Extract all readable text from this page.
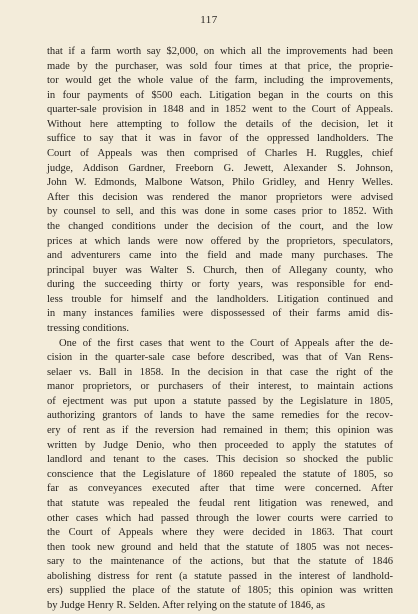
117
that if a farm worth say $2,000, on which all the improvements had been
made by the purchaser, was sold four times at that price, the proprie-
tor would get the whole value of the farm, including the improvements,
in four payments of $500 each. Litigation began in the courts on this
quarter-sale provision in 1848 and in 1852 went to the Court of Appeals.
Without here attempting to follow the details of the decision, let it
suffice to say that it was in favor of the oppressed landholders. The
Court of Appeals was then comprised of Charles H. Ruggles, chief
judge, Addison Gardner, Freeborn G. Jewett, Alexander S. Johnson,
John W. Edmonds, Malbone Watson, Philo Gridley, and Henry Welles.
After this decision was rendered the manor proprietors were advised
by counsel to sell, and this was done in some cases prior to 1852. With
the changed conditions under the decision of the court, and the low
prices at which lands were now offered by the proprietors, speculators,
and adventurers came into the field and made many purchases. The
principal buyer was Walter S. Church, then of Allegany county, who
during the succeeding thirty or forty years, was responsible for end-
less trouble for himself and the landholders. Litigation continued and
in many instances families were dispossessed of their farms amid dis-
tressing conditions.
One of the first cases that went to the Court of Appeals after the de-
cision in the quarter-sale case before described, was that of Van Rens-
selaer vs. Ball in 1858. In the decision in that case the right of the
manor proprietors, or purchasers of their interest, to maintain actions
of ejectment was put upon a statute passed by the Legislature in 1805,
authorizing grantors of lands to have the same remedies for the recov-
ery of rent as if the reversion had remained in them; this opinion was
written by Judge Denio, who then proceeded to apply the statutes of
landlord and tenant to the cases. This decision so shocked the public
conscience that the Legislature of 1860 repealed the statute of 1805, so
far as conveyances executed after that time were concerned. After
that statute was repealed the feudal rent litigation was renewed, and
other cases which had passed through the lower courts were carried to
the Court of Appeals where they were decided in 1863. That court
then took new ground and held that the statute of 1805 was not neces-
sary to the maintenance of the actions, but that the statute of 1846
abolishing distress for rent (a statute passed in the interest of landhold-
ers) supplied the place of the statute of 1805; this opinion was written
by Judge Henry R. Selden. After relying on the statute of 1846, as
